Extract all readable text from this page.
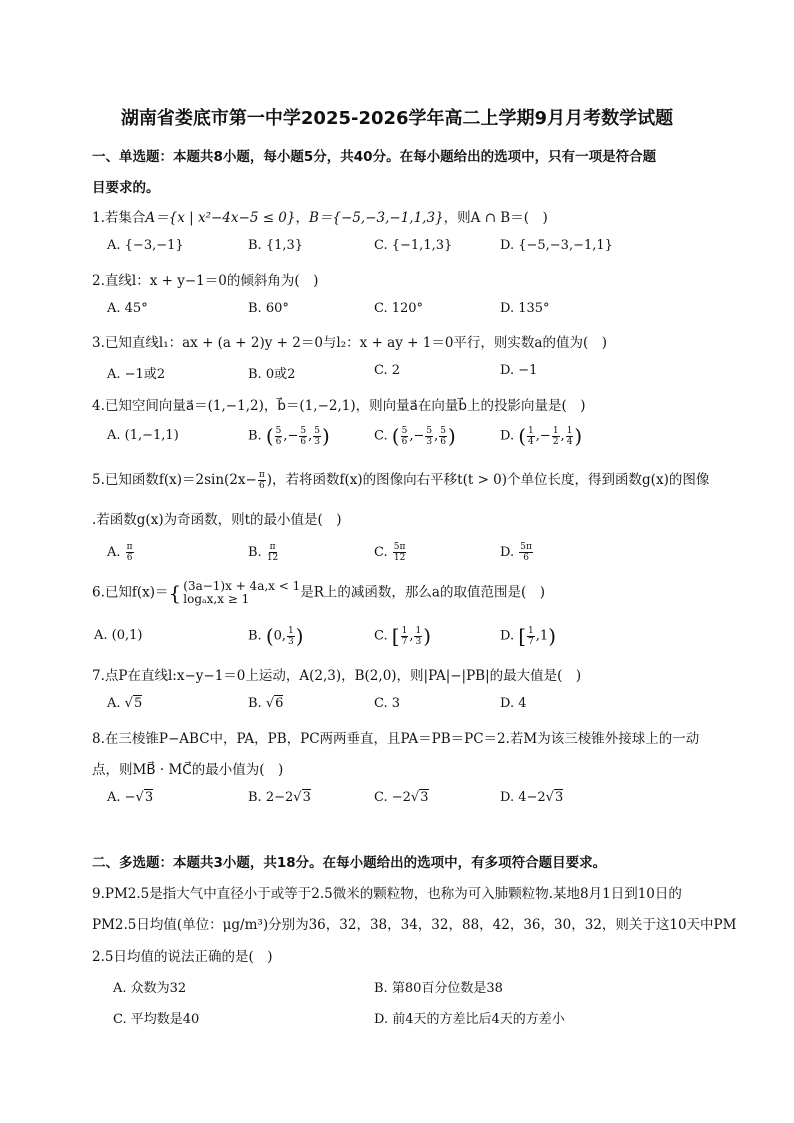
湖南省娄底市第一中学2025-2026学年高二上学期9月月考数学试题
一、单选题：本题共8小题，每小题5分，共40分。在每小题给出的选项中，只有一项是符合题
目要求的。
1.若集合A＝{x | x²−4x−5 ≤ 0}，B＝{−5,−3,−1,1,3}，则A ∩ B＝(　)
A. {−3,−1}	B. {1,3}	C. {−1,1,3}	D. {−5,−3,−1,1}
2.直线l：x + y−1＝0的倾斜角为(　)
A. 45°	B. 60°	C. 120°	D. 135°
3.已知直线l₁：ax + (a + 2)y + 2＝0与l₂：x + ay + 1＝0平行，则实数a的值为(　)
A. −1或2	B. 0或2	C. 2	D. −1
4.已知空间向量a⃗＝(1,−1,2)，b⃗＝(1,−2,1)，则向量a⃗在向量b⃗上的投影向量是(　)
A. (1,−1,1)	B. ( $\frac{5}{6}$ ,− $\frac{5}{6}$ , $\frac{5}{3}$ )	C. ( $\frac{5}{6}$ ,− $\frac{5}{3}$ , $\frac{5}{6}$ )	D. ( $\frac{1}{4}$ ,− $\frac{1}{2}$ , $\frac{1}{4}$ )
5.已知函数$f(x)=2\sin(2x- \frac{\pi}{6}$ )，若将函数f(x)的图像向右平移t(t > 0)个单位长度，得到函数g(x)的图像
.若函数g(x)为奇函数，则t的最小值是(　)
A. $\frac{\pi}{6}$	B. $\frac{\pi}{12}$	C. $\frac{5\pi}{12}$	D. $\frac{5\pi}{6}$
6.已知f(x)＝{ (3a−1)x + 4a,x < 1
logₐx,x ≥ 1	是R上的减函数，那么a的取值范围是(　)
A. (0,1)	B. (0, $\frac{1}{3}$ )	C. [ $\frac{1}{7}$ , $\frac{1}{3}$ )	D. [ $\frac{1}{7} ,1$)
7.点P在直线l:x−y−1＝0上运动，A(2,3)，B(2,0)，则|PA|−|PB|的最大值是(　)
A. √5	B. √6	C. 3	D. 4
8.在三棱锥P−ABC中，PA，PB，PC两两垂直，且PA＝PB＝PC＝2.若M为该三棱锥外接球上的一动
点，则MB⃗ · MC⃗的最小值为(　)
A. −√3	B. 2−2√3	C. −2√3	D. 4−2√3
二、多选题：本题共3小题，共18分。在每小题给出的选项中，有多项符合题目要求。
9.PM2.5是指大气中直径小于或等于2.5微米的颗粒物，也称为可入肺颗粒物.某地8月1日到10日的
PM2.5日均值(单位：μg/m³)分别为36，32，38，34，32，88，42，36，30，32，则关于这10天中PM
2.5日均值的说法正确的是(　)
A. 众数为32	B. 第80百分位数是38
C. 平均数是40	D. 前4天的方差比后4天的方差小
